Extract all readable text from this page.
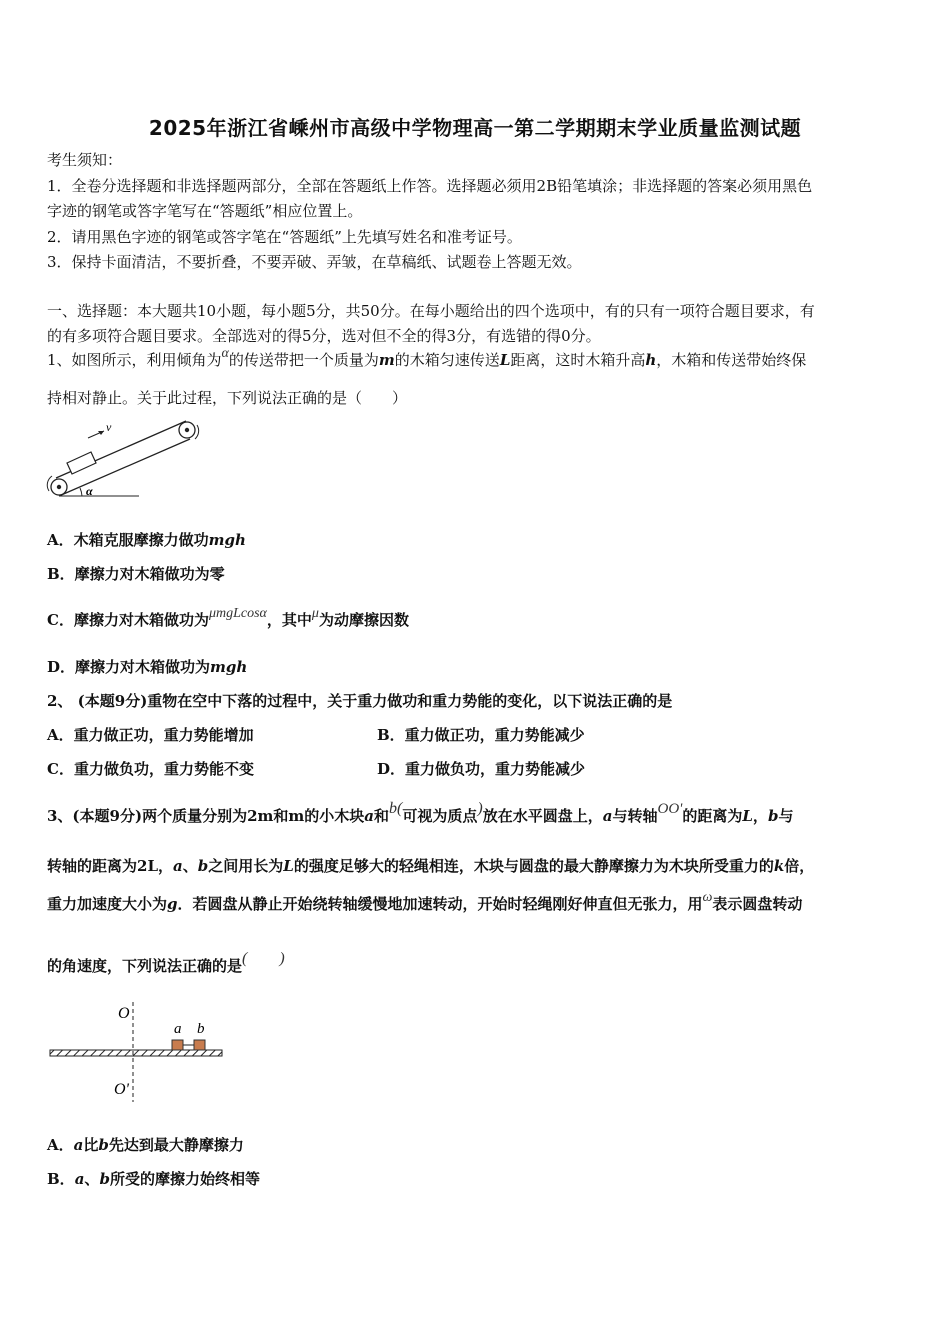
2025年浙江省嵊州市高级中学物理高一第二学期期末学业质量监测试题
考生须知：
1．全卷分选择题和非选择题两部分，全部在答题纸上作答。选择题必须用2B铅笔填涂；非选择题的答案必须用黑色
字迹的钢笔或答字笔写在“答题纸”相应位置上。
2．请用黑色字迹的钢笔或答字笔在“答题纸”上先填写姓名和准考证号。
3．保持卡面清洁，不要折叠，不要弄破、弄皱，在草稿纸、试题卷上答题无效。
一、选择题：本大题共10小题，每小题5分，共50分。在每小题给出的四个选项中，有的只有一项符合题目要求，有
的有多项符合题目要求。全部选对的得5分，选对但不全的得3分，有选错的得0分。
1、如图所示，利用倾角为α的传送带把一个质量为m的木箱匀速传送L距离，这时木箱升高h，木箱和传送带始终保
持相对静止。关于此过程，下列说法正确的是（　　）
v
α
A．木箱克服摩擦力做功mgh
B．摩擦力对木箱做功为零
C．摩擦力对木箱做功为μmgLcosα，其中μ为动摩擦因数
D．摩擦力对木箱做功为mgh
2、 (本题9分)重物在空中下落的过程中，关于重力做功和重力势能的变化，以下说法正确的是
A．重力做正功，重力势能增加	B．重力做正功，重力势能减少
C．重力做负功，重力势能不变	D．重力做负功，重力势能减少
3、(本题9分)两个质量分别为2m和m的小木块a和b(可视为质点)放在水平圆盘上，a与转轴OO'的距离为L，b与
转轴的距离为2L，a、b之间用长为L的强度足够大的轻绳相连，木块与圆盘的最大静摩擦力为木块所受重力的k倍，
重力加速度大小为g．若圆盘从静止开始绕转轴缓慢地加速转动，开始时轻绳刚好伸直但无张力，用ω表示圆盘转动
的角速度，下列说法正确的是(　　)
O
O'
a b
A．a比b先达到最大静摩擦力
B．a、b所受的摩擦力始终相等
